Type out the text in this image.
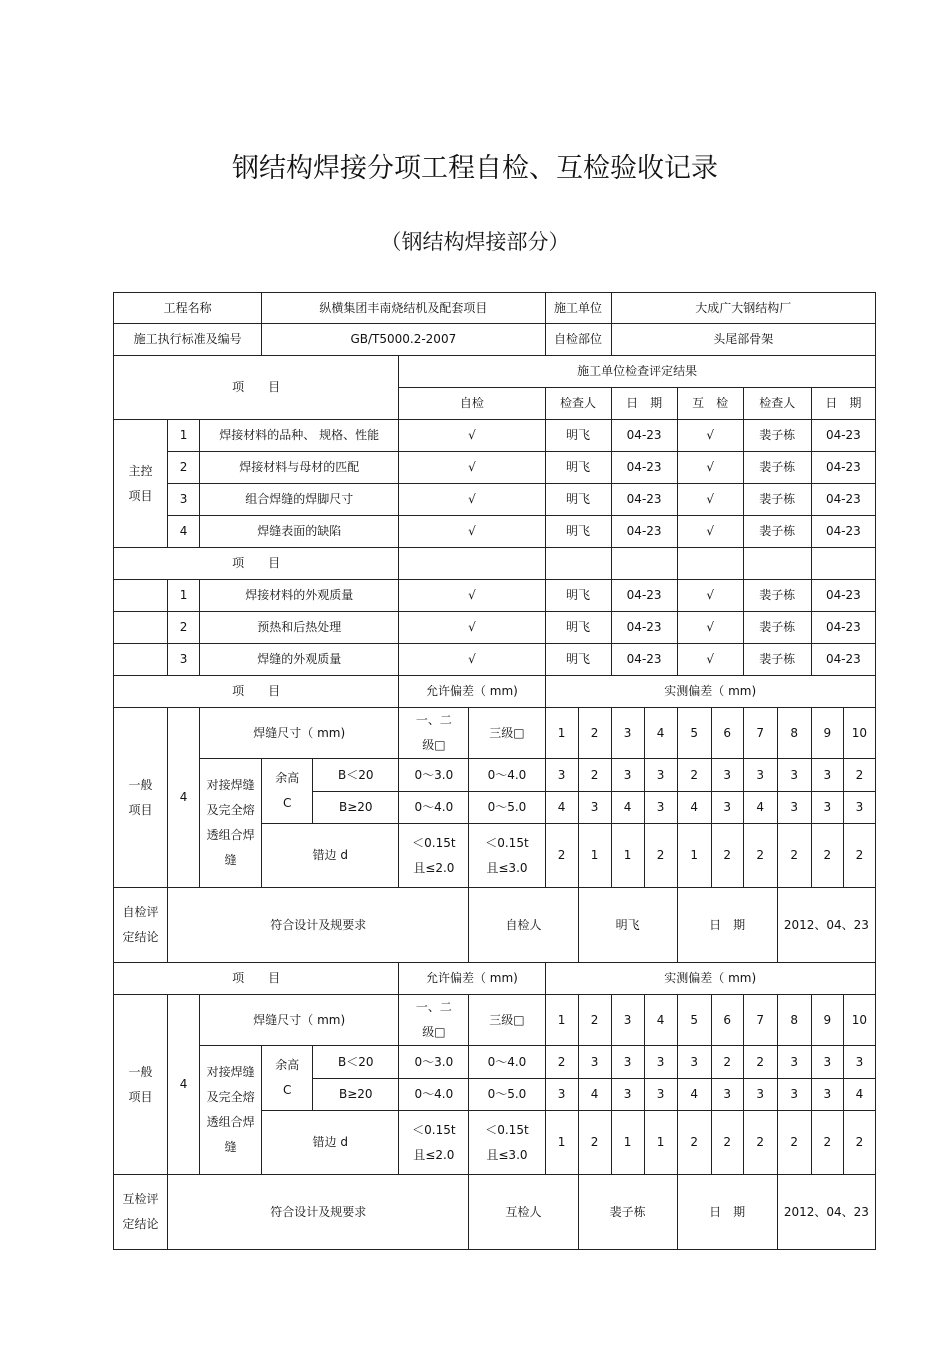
钢结构焊接分项工程自检、互检验收记录
（钢结构焊接部分）
工程名称			纵横集团丰南烧结机及配套项目				施工单位		大成广大钢结构厂							
施工执行标准及编号			GB/T5000.2-2007				自检部位		头尾部骨架							
项　　目					施工单位检查评定结果											
					自检		检查人		日　期		互　检		检查人		日　期	
主控项目	1	焊接材料的品种、 规格、性能			√		明飞		04-23		√		裴子栋		04-23	
	2	焊接材料与母材的匹配			√		明飞		04-23		√		裴子栋		04-23	
	3	组合焊缝的焊脚尺寸			√		明飞		04-23		√		裴子栋		04-23	
	4	焊缝表面的缺陷			√		明飞		04-23		√		裴子栋		04-23	
项　　目																
	1	焊接材料的外观质量			√		明飞		04-23		√		裴子栋		04-23	
	2	预热和后热处理			√		明飞		04-23		√		裴子栋		04-23	
	3	焊缝的外观质量			√		明飞		04-23		√		裴子栋		04-23	
项　　目					允许偏差（ mm)		实测偏差（ mm)									
一般项目	4	焊缝尺寸（ mm)			一、二级□	三级□	1	2	3	4	5	6	7	8	9	10
		对接焊缝及完全熔透组合焊缝	余高 C	B＜20	0～3.0	0～4.0	3	2	3	3	2	3	3	3	3	2
				B≥20	0～4.0	0～5.0	4	3	4	3	4	3	4	3	3	3
			错边 d		＜0.15t 且≤2.0	＜0.15t 且≤3.0	2	1	1	2	1	2	2	2	2	2
自检评定结论	符合设计及规要求					自检人		明飞			日　期			2012、04、23		
项　　目					允许偏差（ mm)		实测偏差（ mm)									
一般项目	4	焊缝尺寸（ mm)			一、二级□	三级□	1	2	3	4	5	6	7	8	9	10
		对接焊缝及完全熔透组合焊缝	余高 C	B＜20	0～3.0	0～4.0	2	3	3	3	3	2	2	3	3	3
				B≥20	0～4.0	0～5.0	3	4	3	3	4	3	3	3	3	4
			错边 d		＜0.15t 且≤2.0	＜0.15t 且≤3.0	1	2	1	1	2	2	2	2	2	2
互检评定结论	符合设计及规要求					互检人		裴子栋			日　期			2012、04、23		
